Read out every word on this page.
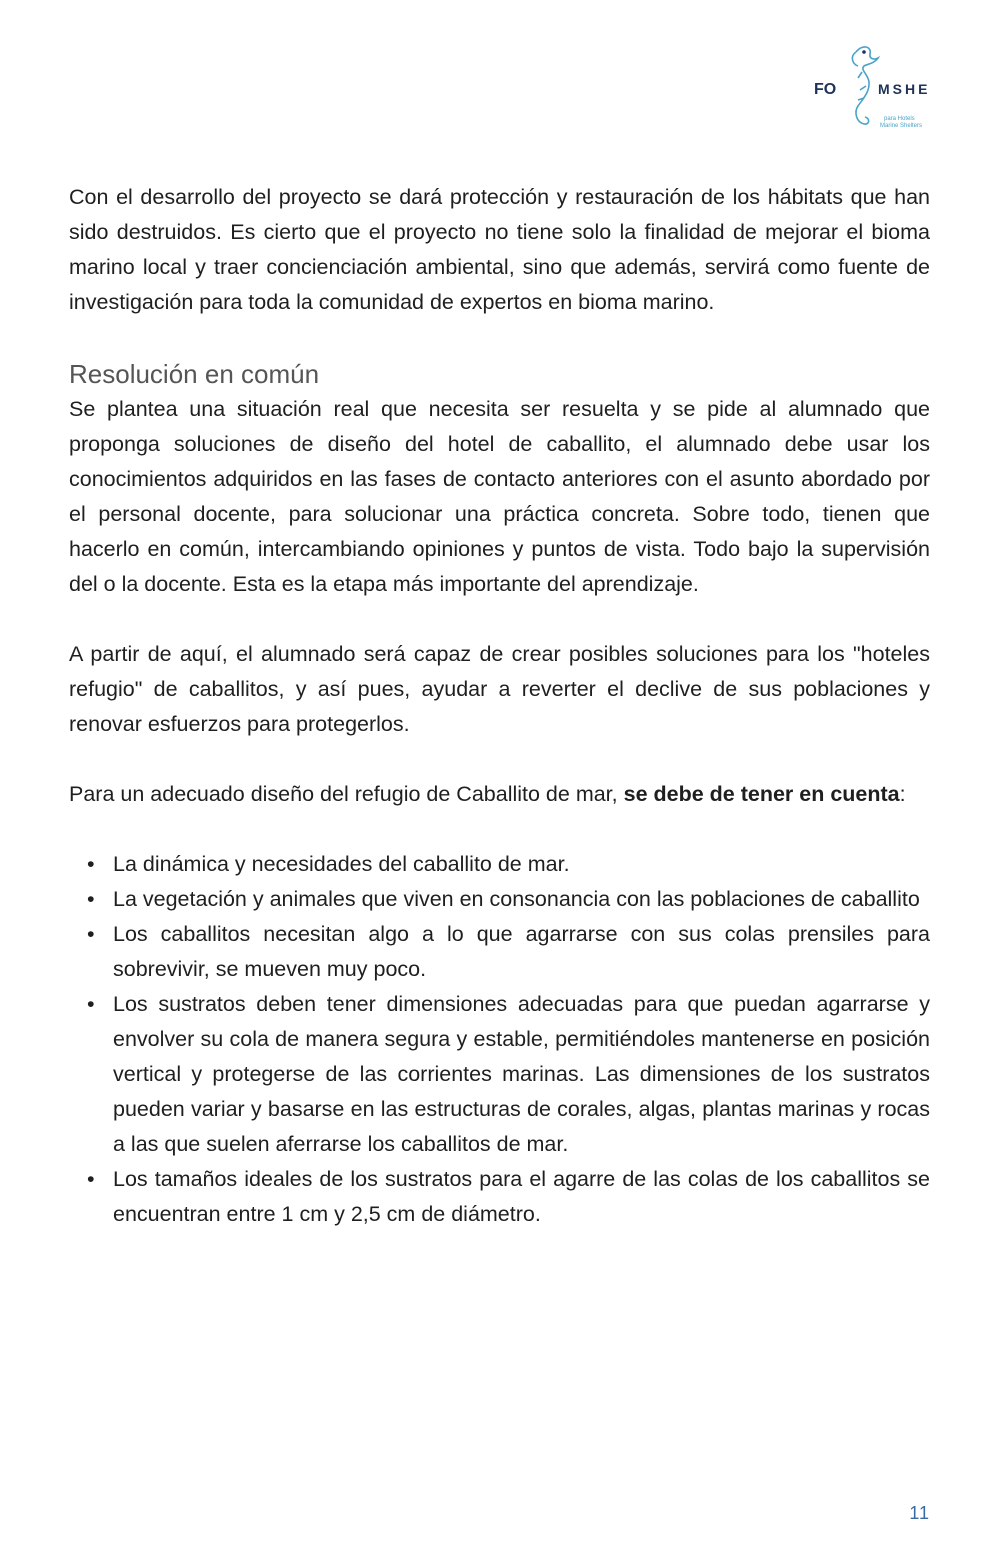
FO	MSHE
para Hotels
Marine Shelters

Con el desarrollo del proyecto se dará protección y restauración de los hábitats que han sido destruidos. Es cierto que el proyecto no tiene solo la finalidad de mejorar el bioma marino local y traer concienciación ambiental, sino que además, servirá como fuente de investigación para toda la comunidad de expertos en bioma marino.

Resolución en común

Se plantea una situación real que necesita ser resuelta y se pide al alumnado que proponga soluciones de diseño del hotel de caballito, el alumnado debe usar los conocimientos adquiridos en las fases de contacto anteriores con el asunto abordado por el personal docente, para solucionar una práctica concreta. Sobre todo, tienen que hacerlo en común, intercambiando opiniones y puntos de vista. Todo bajo la supervisión del o la docente. Esta es la etapa más importante del aprendizaje.

A partir de aquí, el alumnado será capaz de crear posibles soluciones para los "hoteles refugio" de caballitos, y así pues, ayudar a reverter el declive de sus poblaciones y renovar esfuerzos para protegerlos.

Para un adecuado diseño del refugio de Caballito de mar, se debe de tener en cuenta:

• La dinámica y necesidades del caballito de mar.
• La vegetación y animales que viven en consonancia con las poblaciones de caballito
• Los caballitos necesitan algo a lo que agarrarse con sus colas prensiles para sobrevivir, se mueven muy poco.
• Los sustratos deben tener dimensiones adecuadas para que puedan agarrarse y envolver su cola de manera segura y estable, permitiéndoles mantenerse en posición vertical y protegerse de las corrientes marinas. Las dimensiones de los sustratos pueden variar y basarse en las estructuras de corales, algas, plantas marinas y rocas a las que suelen aferrarse los caballitos de mar.
• Los tamaños ideales de los sustratos para el agarre de las colas de los caballitos se encuentran entre 1 cm y 2,5 cm de diámetro.
11
